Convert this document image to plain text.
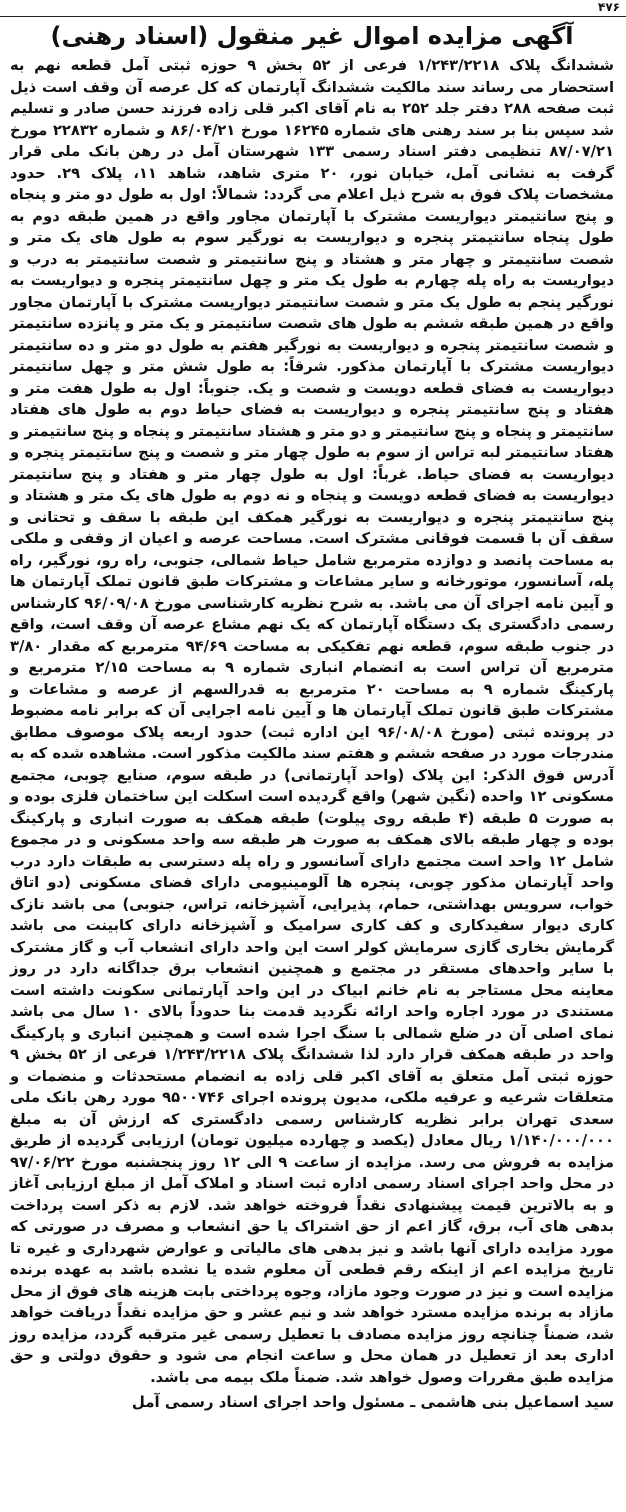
۴۷۶
آگهی مزایده اموال غیر منقول (اسناد رهنی)

ششدانگ پلاک ۱/۲۴۳/۲۲۱۸ فرعی از ۵۲ بخش ۹ حوزه ثبتی آمل قطعه نهم به استحضار می رساند سند مالکیت ششدانگ آپارتمان که کل عرصه آن وقف است ذیل ثبت صفحه ۲۸۸ دفتر جلد ۲۵۲ به نام آقای اکبر قلی زاده فرزند حسن صادر و تسلیم شد سپس بنا بر سند رهنی های شماره ۱۶۲۴۵ مورخ ۸۶/۰۴/۲۱ و شماره ۲۲۸۳۲ مورخ ۸۷/۰۷/۲۱ تنظیمی دفتر اسناد رسمی ۱۳۳ شهرستان آمل در رهن بانک ملی قرار گرفت به نشانی آمل، خیابان نور، ۲۰ متری شاهد، شاهد ۱۱، پلاک ۲۹. حدود مشخصات پلاک فوق به شرح ذیل اعلام می گردد: شمالاً: اول به طول دو متر و پنجاه و پنج سانتیمتر دیواریست مشترک با آپارتمان مجاور واقع در همین طبقه دوم به طول پنجاه سانتیمتر پنجره و دیواریست به نورگیر سوم به طول های یک متر و شصت سانتیمتر و چهار متر و هشتاد و پنج سانتیمتر و شصت سانتیمتر به درب و دیواریست به راه پله چهارم به طول یک متر و چهل سانتیمتر پنجره و دیواریست به نورگیر پنجم به طول یک متر و شصت سانتیمتر دیواریست مشترک با آپارتمان مجاور واقع در همین طبقه ششم به طول های شصت سانتیمتر و یک متر و پانزده سانتیمتر و شصت سانتیمتر پنجره و دیواریست به نورگیر هفتم به طول دو متر و ده سانتیمتر دیواریست مشترک با آپارتمان مذکور. شرقاً: به طول شش متر و چهل سانتیمتر دیواریست به فضای قطعه دویست و شصت و یک. جنوباً: اول به طول هفت متر و هفتاد و پنج سانتیمتر پنجره و دیواریست به فضای حیاط دوم به طول های هفتاد سانتیمتر و پنجاه و پنج سانتیمتر و دو متر و هشتاد سانتیمتر و پنجاه و پنج سانتیمتر و هفتاد سانتیمتر لبه تراس از سوم به طول چهار متر و شصت و پنج سانتیمتر پنجره و دیواریست به فضای حیاط. غرباً: اول به طول چهار متر و هفتاد و پنج سانتیمتر دیواریست به فضای قطعه دویست و پنجاه و نه دوم به طول های یک متر و هشتاد و پنج سانتیمتر پنجره و دیواریست به نورگیر همکف این طبقه با سقف و تحتانی و سقف آن با قسمت فوقانی مشترک است. مساحت عرصه و اعیان از وقفی و ملکی به مساحت پانصد و دوازده مترمربع شامل حیاط شمالی، جنوبی، راه رو، نورگیر، راه پله، آسانسور، موتورخانه و سایر مشاعات و مشترکات طبق قانون تملک آپارتمان ها و آیین نامه اجرای آن می باشد. به شرح نظریه کارشناسی مورخ ۹۶/۰۹/۰۸ کارشناس رسمی دادگستری یک دستگاه آپارتمان که یک نهم مشاع عرصه آن وقف است، واقع در جنوب طبقه سوم، قطعه نهم تفکیکی به مساحت ۹۴/۶۹ مترمربع که مقدار ۳/۸۰ مترمربع آن تراس است به انضمام انباری شماره ۹ به مساحت ۲/۱۵ مترمربع و پارکینگ شماره ۹ به مساحت ۲۰ مترمربع به قدرالسهم از عرصه و مشاعات و مشترکات طبق قانون تملک آپارتمان ها و آیین نامه اجرایی آن که برابر نامه مضبوط در پرونده ثبتی (مورخ ۹۶/۰۸/۰۸ این اداره ثبت) حدود اربعه پلاک موصوف مطابق مندرجات مورد در صفحه ششم و هفتم سند مالکیت مذکور است. مشاهده شده که به آدرس فوق الذکر: این پلاک (واحد آپارتمانی) در طبقه سوم، صنایع چوبی، مجتمع مسکونی ۱۲ واحده (نگین شهر) واقع گردیده است اسکلت این ساختمان فلزی بوده و به صورت ۵ طبقه (۴ طبقه روی پیلوت) طبقه همکف به صورت انباری و پارکینگ بوده و چهار طبقه بالای همکف به صورت هر طبقه سه واحد مسکونی و در مجموع شامل ۱۲ واحد است مجتمع دارای آسانسور و راه پله دسترسی به طبقات دارد درب واحد آپارتمان مذکور چوبی، پنجره ها آلومینیومی دارای فضای مسکونی (دو اتاق خواب، سرویس بهداشتی، حمام، پذیرایی، آشپزخانه، تراس، جنوبی) می باشد نازک کاری دیوار سفیدکاری و کف کاری سرامیک و آشپزخانه دارای کابینت می باشد گرمایش بخاری گازی سرمایش کولر است این واحد دارای انشعاب آب و گاز مشترک با سایر واحدهای مستقر در مجتمع و همچنین انشعاب برق جداگانه دارد در روز معاینه محل مستاجر به نام خانم ابیاک در این واحد آپارتمانی سکونت داشته است مستندی در مورد اجاره واحد ارائه نگردید قدمت بنا حدوداً بالای ۱۰ سال می باشد نمای اصلی آن در ضلع شمالی با سنگ اجرا شده است و همچنین انباری و پارکینگ واحد در طبقه همکف قرار دارد لذا ششدانگ پلاک ۱/۲۴۳/۲۲۱۸ فرعی از ۵۲ بخش ۹ حوزه ثبتی آمل متعلق به آقای اکبر قلی زاده به انضمام مستحدثات و منضمات و متعلقات شرعیه و عرفیه ملکی، مدیون پرونده اجرای ۹۵۰۰۷۴۶ مورد رهن بانک ملی سعدی تهران برابر نظریه کارشناس رسمی دادگستری که ارزش آن به مبلغ ۱/۱۴۰/۰۰۰/۰۰۰ ریال معادل (یکصد و چهارده میلیون تومان) ارزیابی گردیده از طریق مزایده به فروش می رسد. مزایده از ساعت ۹ الی ۱۲ روز پنجشنبه مورخ ۹۷/۰۶/۲۲ در محل واحد اجرای اسناد رسمی اداره ثبت اسناد و املاک آمل از مبلغ ارزیابی آغاز و به بالاترین قیمت پیشنهادی نقداً فروخته خواهد شد. لازم به ذکر است پرداخت بدهی های آب، برق، گاز اعم از حق اشتراک یا حق انشعاب و مصرف در صورتی که مورد مزایده دارای آنها باشد و نیز بدهی های مالیاتی و عوارض شهرداری و غیره تا تاریخ مزایده اعم از اینکه رقم قطعی آن معلوم شده یا نشده باشد به عهده برنده مزایده است و نیز در صورت وجود مازاد، وجوه پرداختی بابت هزینه های فوق از محل مازاد به برنده مزایده مسترد خواهد شد و نیم عشر و حق مزایده نقداً دریافت خواهد شد، ضمناً چنانچه روز مزایده مصادف با تعطیل رسمی غیر مترقبه گردد، مزایده روز اداری بعد از تعطیل در همان محل و ساعت انجام می شود و حقوق دولتی و حق مزایده طبق مقررات وصول خواهد شد. ضمناً ملک بیمه می باشد.

سید اسماعیل بنی هاشمی ـ مسئول واحد اجرای اسناد رسمی آمل
